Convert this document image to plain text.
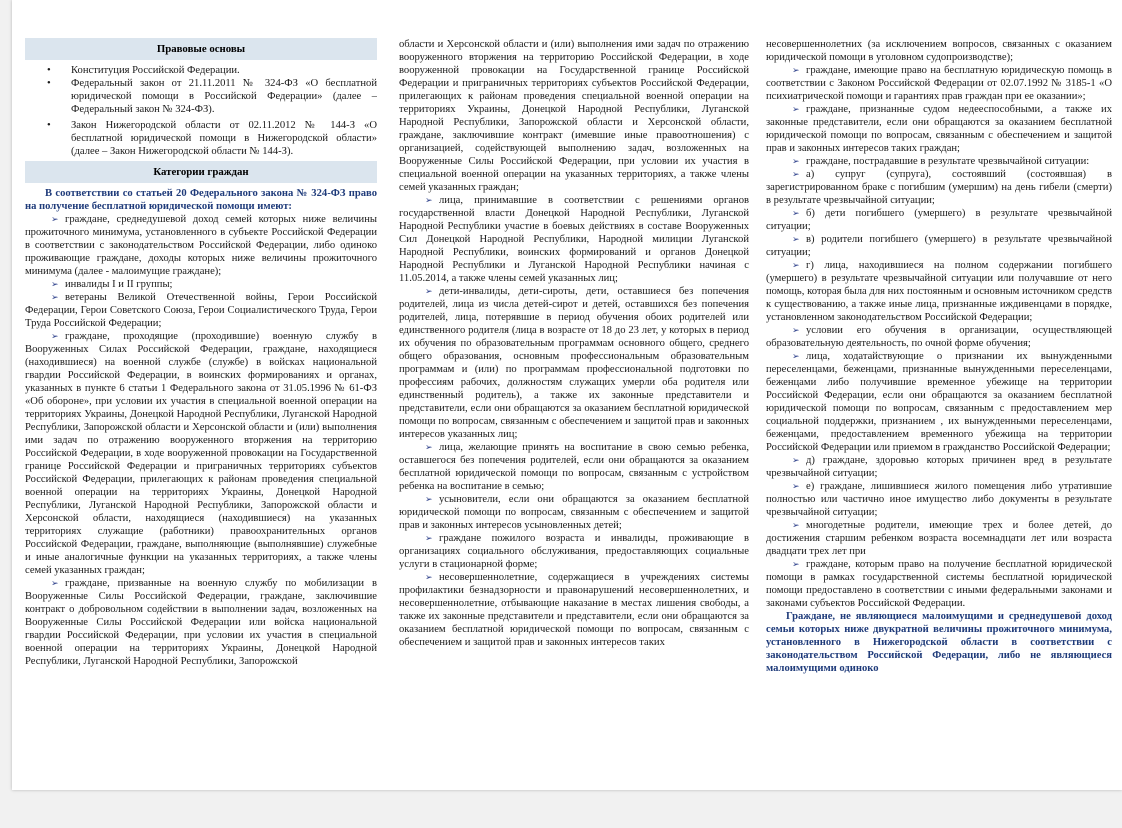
Правовые основы

• Конституция Российской Федерации.

• Федеральный закон от 21.11.2011 № 324-ФЗ «О бесплатной юридической помощи в Российской Федерации» (далее – Федеральный закон № 324-ФЗ).

• Закон Нижегородской области от 02.11.2012 № 144-З «О бесплатной юридической помощи в Нижегородской области» (далее – Закон Нижегородской области № 144-З).

Категории граждан

В соответствии со статьей 20 Федерального закона № 324-ФЗ право на получение бесплатной юридической помощи имеют:

➢ граждане, среднедушевой доход семей которых ниже величины прожиточного минимума, установленного в субъекте Российской Федерации в соответствии с законодательством Российской Федерации, либо одиноко проживающие граждане, доходы которых ниже величины прожиточного минимума (далее - малоимущие граждане);

➢ инвалиды I и II группы;

➢ ветераны Великой Отечественной войны, Герои Российской Федерации, Герои Советского Союза, Герои Социалистического Труда, Герои Труда Российской Федерации;

➢ граждане, проходящие (проходившие) военную службу в Вооруженных Силах Российской Федерации, граждане, находящиеся (находившиеся) на военной службе (службе) в войсках национальной гвардии Российской Федерации, в воинских формированиях и органах, указанных в пункте 6 статьи 1 Федерального закона от 31.05.1996 № 61-ФЗ «Об обороне», при условии их участия в специальной военной операции на территориях Украины, Донецкой Народной Республики, Луганской Народной Республики, Запорожской области и Херсонской области и (или) выполнения ими задач по отражению вооруженного вторжения на территорию Российской Федерации, в ходе вооруженной провокации на Государственной границе Российской Федерации и приграничных территориях субъектов Российской Федерации, прилегающих к районам проведения специальной военной операции на территориях Украины, Донецкой Народной Республики, Луганской Народной Республики, Запорожской области и Херсонской области, находящиеся (находившиеся) на указанных территориях служащие (работники) правоохранительных органов Российской Федерации, граждане, выполняющие (выполнявшие) служебные и иные аналогичные функции на указанных территориях, а также члены семей указанных граждан;

➢ граждане, призванные на военную службу по мобилизации в Вооруженные Силы Российской Федерации, граждане, заключившие контракт о добровольном содействии в выполнении задач, возложенных на Вооруженные Силы Российской Федерации или войска национальной гвардии Российской Федерации, при условии их участия в специальной военной операции на территориях Украины, Донецкой Народной Республики, Луганской Народной Республики, Запорожской

области и Херсонской области и (или) выполнения ими задач по отражению вооруженного вторжения на территорию Российской Федерации, в ходе вооруженной провокации на Государственной границе Российской Федерации и приграничных территориях субъектов Российской Федерации, прилегающих к районам проведения специальной военной операции на территориях Украины, Донецкой Народной Республики, Луганской Народной Республики, Запорожской области и Херсонской области, граждане, заключившие контракт (имевшие иные правоотношения) с организацией, содействующей выполнению задач, возложенных на Вооруженные Силы Российской Федерации, при условии их участия в специальной военной операции на указанных территориях, а также члены семей указанных граждан;

➢ лица, принимавшие в соответствии с решениями органов государственной власти Донецкой Народной Республики, Луганской Народной Республики участие в боевых действиях в составе Вооруженных Сил Донецкой Народной Республики, Народной милиции Луганской Народной Республики, воинских формирований и органов Донецкой Народной Республики и Луганской Народной Республики начиная с 11.05.2014, а также члены семей указанных лиц;

➢ дети-инвалиды, дети-сироты, дети, оставшиеся без попечения родителей, лица из числа детей-сирот и детей, оставшихся без попечения родителей, лица, потерявшие в период обучения обоих родителей или единственного родителя (лица в возрасте от 18 до 23 лет, у которых в период их обучения по образовательным программам основного общего, среднего общего образования, основным профессиональным образовательным программам и (или) по программам профессиональной подготовки по профессиям рабочих, должностям служащих умерли оба родителя или единственный родитель), а также их законные представители и представители, если они обращаются за оказанием бесплатной юридической помощи по вопросам, связанным с обеспечением и защитой прав и законных интересов указанных лиц;

➢ лица, желающие принять на воспитание в свою семью ребенка, оставшегося без попечения родителей, если они обращаются за оказанием бесплатной юридической помощи по вопросам, связанным с устройством ребенка на воспитание в семью;

➢ усыновители, если они обращаются за оказанием бесплатной юридической помощи по вопросам, связанным с обеспечением и защитой прав и законных интересов усыновленных детей;

➢ граждане пожилого возраста и инвалиды, проживающие в организациях социального обслуживания, предоставляющих социальные услуги в стационарной форме;

➢ несовершеннолетние, содержащиеся в учреждениях системы профилактики безнадзорности и правонарушений несовершеннолетних, и несовершеннолетние, отбывающие наказание в местах лишения свободы, а также их законные представители и представители, если они обращаются за оказанием бесплатной юридической помощи по вопросам, связанным с обеспечением и защитой прав и законных интересов таких

несовершеннолетних (за исключением вопросов, связанных с оказанием юридической помощи в уголовном судопроизводстве);

➢ граждане, имеющие право на бесплатную юридическую помощь в соответствии с Законом Российской Федерации от 02.07.1992 № 3185-1 «О психиатрической помощи и гарантиях прав граждан при ее оказании»;

➢ граждане, признанные судом недееспособными, а также их законные представители, если они обращаются за оказанием бесплатной юридической помощи по вопросам, связанным с обеспечением и защитой прав и законных интересов таких граждан;

➢ граждане, пострадавшие в результате чрезвычайной ситуации:

➢ а) супруг (супруга), состоявший (состоявшая) в зарегистрированном браке с погибшим (умершим) на день гибели (смерти) в результате чрезвычайной ситуации;

➢ б) дети погибшего (умершего) в результате чрезвычайной ситуации;

➢ в) родители погибшего (умершего) в результате чрезвычайной ситуации;

➢ г) лица, находившиеся на полном содержании погибшего (умершего) в результате чрезвычайной ситуации или получавшие от него помощь, которая была для них постоянным и основным источником средств к существованию, а также иные лица, признанные иждивенцами в порядке, установленном законодательством Российской Федерации;

➢ условии его обучения в организации, осуществляющей образовательную деятельность, по очной форме обучения;

➢ лица, ходатайствующие о признании их вынужденными переселенцами, беженцами, признанные вынужденными переселенцами, беженцами либо получившие временное убежище на территории Российской Федерации, если они обращаются за оказанием бесплатной юридической помощи по вопросам, связанным с предоставлением мер социальной поддержки, признанием , их вынужденными переселенцами, беженцами, предоставлением временного убежища на территории Российской Федерации или приемом в гражданство Российской Федерации;

➢ д) граждане, здоровью которых причинен вред в результате чрезвычайной ситуации;

➢ е) граждане, лишившиеся жилого помещения либо утратившие полностью или частично иное имущество либо документы в результате чрезвычайной ситуации;

➢ многодетные родители, имеющие трех и более детей, до достижения старшим ребенком возраста восемнадцати лет или возраста двадцати трех лет при

➢ граждане, которым право на получение бесплатной юридической помощи в рамках государственной системы бесплатной юридической помощи предоставлено в соответствии с иными федеральными законами и законами субъектов Российской Федерации.

Граждане, не являющиеся малоимущими и среднедушевой доход семьи которых ниже двукратной величины прожиточного минимума, установленного в Нижегородской области в соответствии с законодательством Российской Федерации, либо не являющиеся малоимущими одиноко
